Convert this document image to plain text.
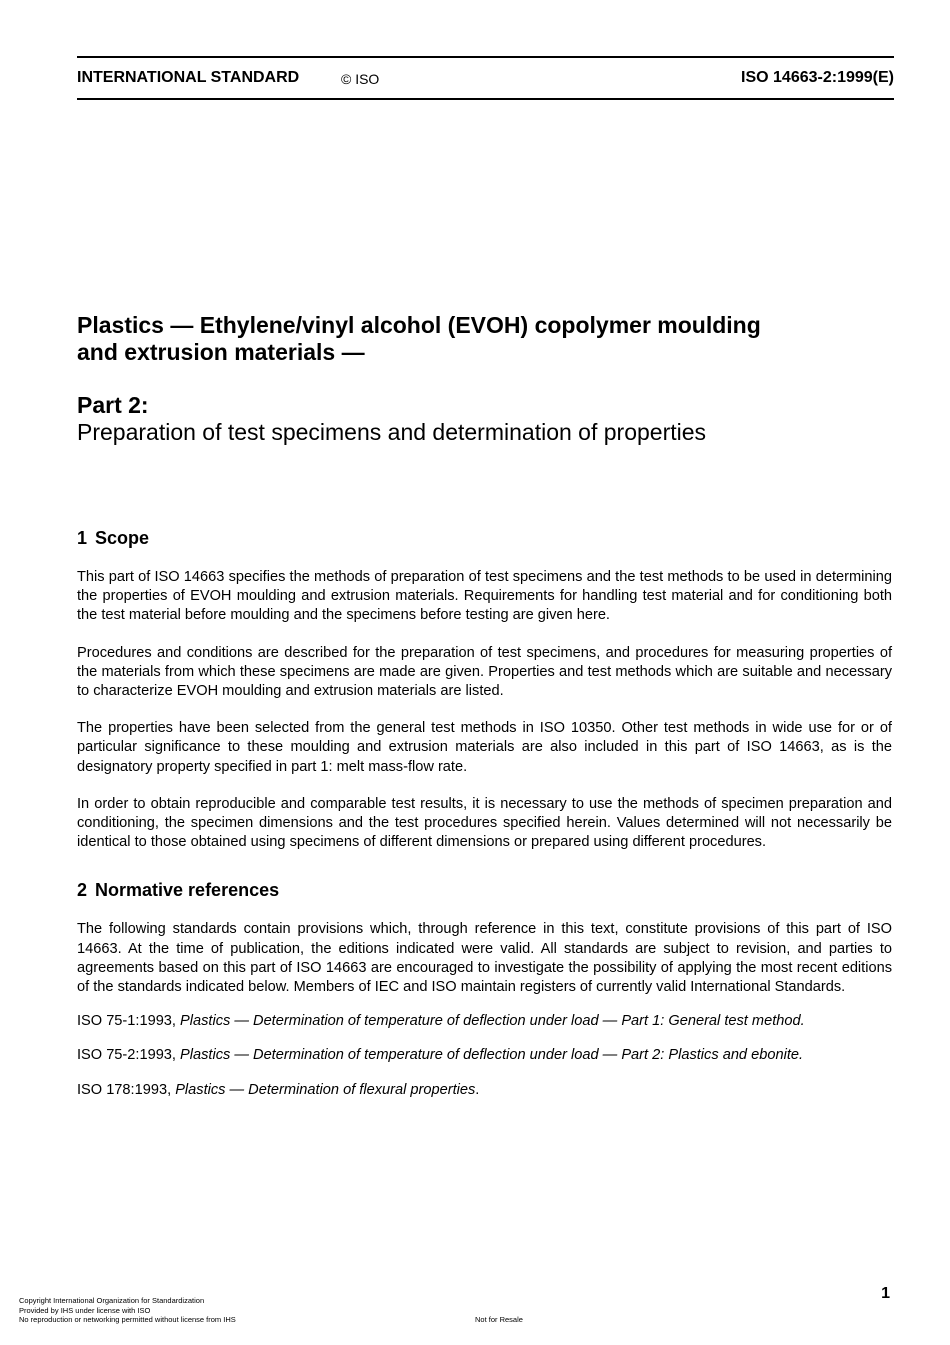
INTERNATIONAL STANDARD	© ISO	ISO 14663-2:1999(E)
Plastics — Ethylene/vinyl alcohol (EVOH) copolymer moulding
and extrusion materials —
Part 2:
Preparation of test specimens and determination of properties
1 Scope

This part of ISO 14663 specifies the methods of preparation of test specimens and the test methods to be used in determining the properties of EVOH moulding and extrusion materials. Requirements for handling test material and for conditioning both the test material before moulding and the specimens before testing are given here.

Procedures and conditions are described for the preparation of test specimens, and procedures for measuring properties of the materials from which these specimens are made are given. Properties and test methods which are suitable and necessary to characterize EVOH moulding and extrusion materials are listed.

The properties have been selected from the general test methods in ISO 10350. Other test methods in wide use for or of particular significance to these moulding and extrusion materials are also included in this part of ISO 14663, as is the designatory property specified in part 1: melt mass-flow rate.

In order to obtain reproducible and comparable test results, it is necessary to use the methods of specimen preparation and conditioning, the specimen dimensions and the test procedures specified herein. Values determined will not necessarily be identical to those obtained using specimens of different dimensions or prepared using different procedures.

2 Normative references

The following standards contain provisions which, through reference in this text, constitute provisions of this part of ISO 14663. At the time of publication, the editions indicated were valid. All standards are subject to revision, and parties to agreements based on this part of ISO 14663 are encouraged to investigate the possibility of applying the most recent editions of the standards indicated below. Members of IEC and ISO maintain registers of currently valid International Standards.

ISO 75-1:1993, Plastics — Determination of temperature of deflection under load — Part 1: General test method.
ISO 75-2:1993, Plastics — Determination of temperature of deflection under load — Part 2: Plastics and ebonite.
ISO 178:1993, Plastics — Determination of flexural properties.
1
Copyright International Organization for Standardization
Provided by IHS under license with ISO
No reproduction or networking permitted without license from IHS	Not for Resale
